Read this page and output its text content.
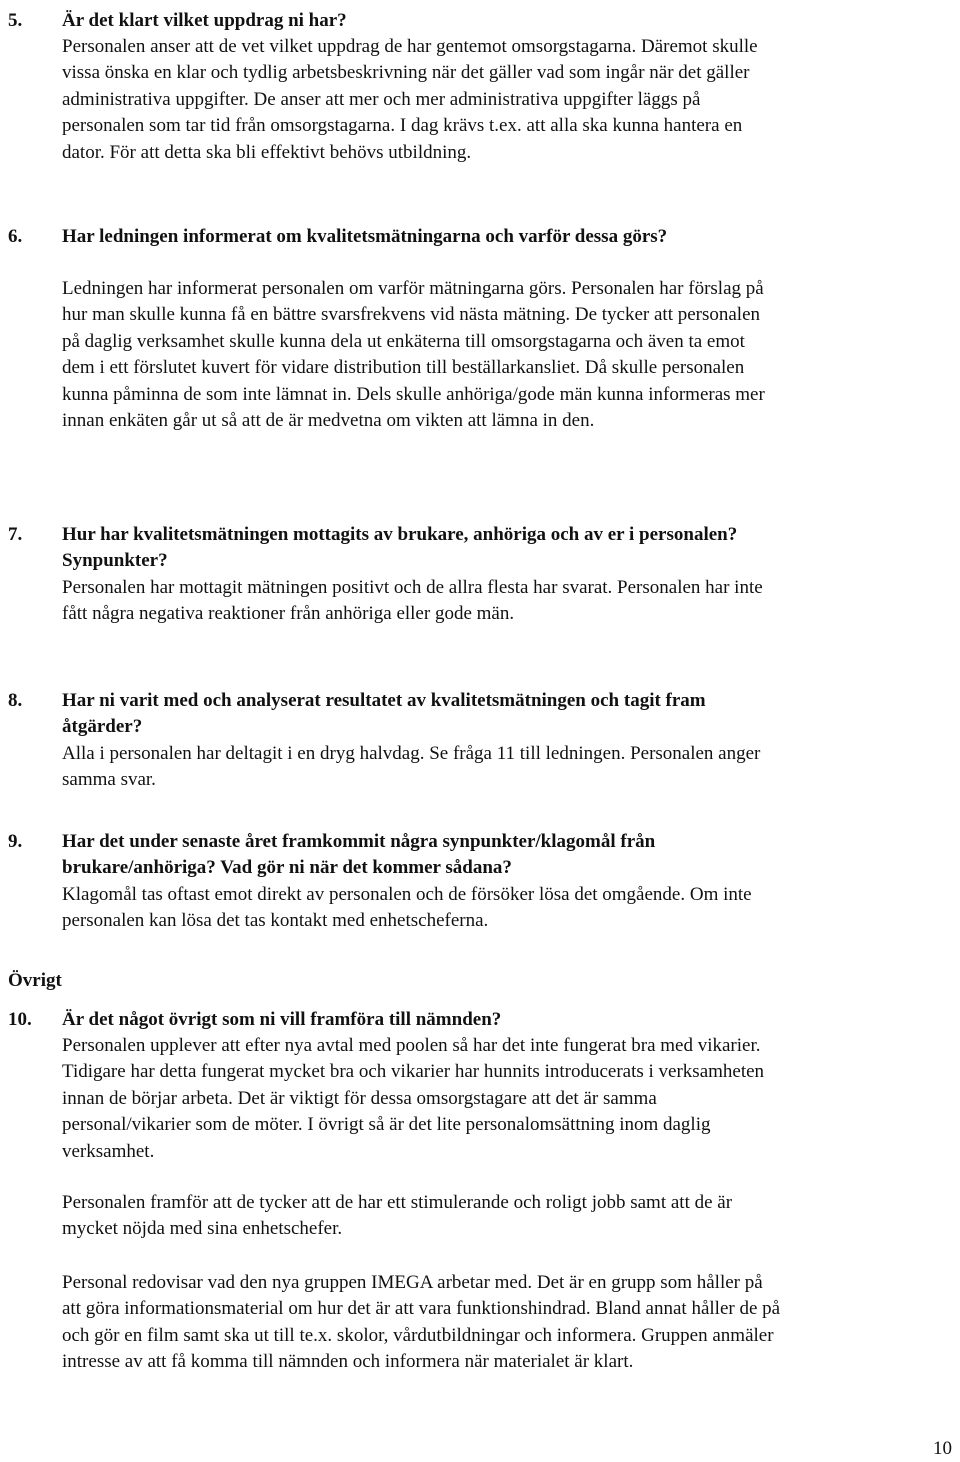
5. Är det klart vilket uppdrag ni har?

Personalen anser att de vet vilket uppdrag de har gentemot omsorgstagarna. Däremot skulle vissa önska en klar och tydlig arbetsbeskrivning när det gäller vad som ingår när det gäller administrativa uppgifter. De anser att mer och mer administrativa uppgifter läggs på personalen som tar tid från omsorgstagarna. I dag krävs t.ex. att alla ska kunna hantera en dator. För att detta ska bli effektivt behövs utbildning.

6. Har ledningen informerat om kvalitetsmätningarna och varför dessa görs?

Ledningen har informerat personalen om varför mätningarna görs. Personalen har förslag på hur man skulle kunna få en bättre svarsfrekvens vid nästa mätning. De tycker att personalen på daglig verksamhet skulle kunna dela ut enkäterna till omsorgstagarna och även ta emot dem i ett förslutet kuvert för vidare distribution till beställarkansliet. Då skulle personalen kunna påminna de som inte lämnat in. Dels skulle anhöriga/gode män kunna informeras mer innan enkäten går ut så att de är medvetna om vikten att lämna in den.

7. Hur har kvalitetsmätningen mottagits av brukare, anhöriga och av er i personalen? Synpunkter?

Personalen har mottagit mätningen positivt och de allra flesta har svarat. Personalen har inte fått några negativa reaktioner från anhöriga eller gode män.

8. Har ni varit med och analyserat resultatet av kvalitetsmätningen och tagit fram åtgärder?

Alla i personalen har deltagit i en dryg halvdag. Se fråga 11 till ledningen. Personalen anger samma svar.

9. Har det under senaste året framkommit några synpunkter/klagomål från brukare/anhöriga? Vad gör ni när det kommer sådana?

Klagomål tas oftast emot direkt av personalen och de försöker lösa det omgående. Om inte personalen kan lösa det tas kontakt med enhetscheferna.

Övrigt
10. Är det något övrigt som ni vill framföra till nämnden?

Personalen upplever att efter nya avtal med poolen så har det inte fungerat bra med vikarier. Tidigare har detta fungerat mycket bra och vikarier har hunnits introducerats i verksamheten innan de börjar arbeta. Det är viktigt för dessa omsorgstagare att det är samma personal/vikarier som de möter. I övrigt så är det lite personalomsättning inom daglig verksamhet.

Personalen framför att de tycker att de har ett stimulerande och roligt jobb samt att de är mycket nöjda med sina enhetschefer.

Personal redovisar vad den nya gruppen IMEGA arbetar med. Det är en grupp som håller på att göra informationsmaterial om hur det är att vara funktionshindrad. Bland annat håller de på och gör en film samt ska ut till te.x. skolor, vårdutbildningar och informera. Gruppen anmäler intresse av att få komma till nämnden och informera när materialet är klart.

10
